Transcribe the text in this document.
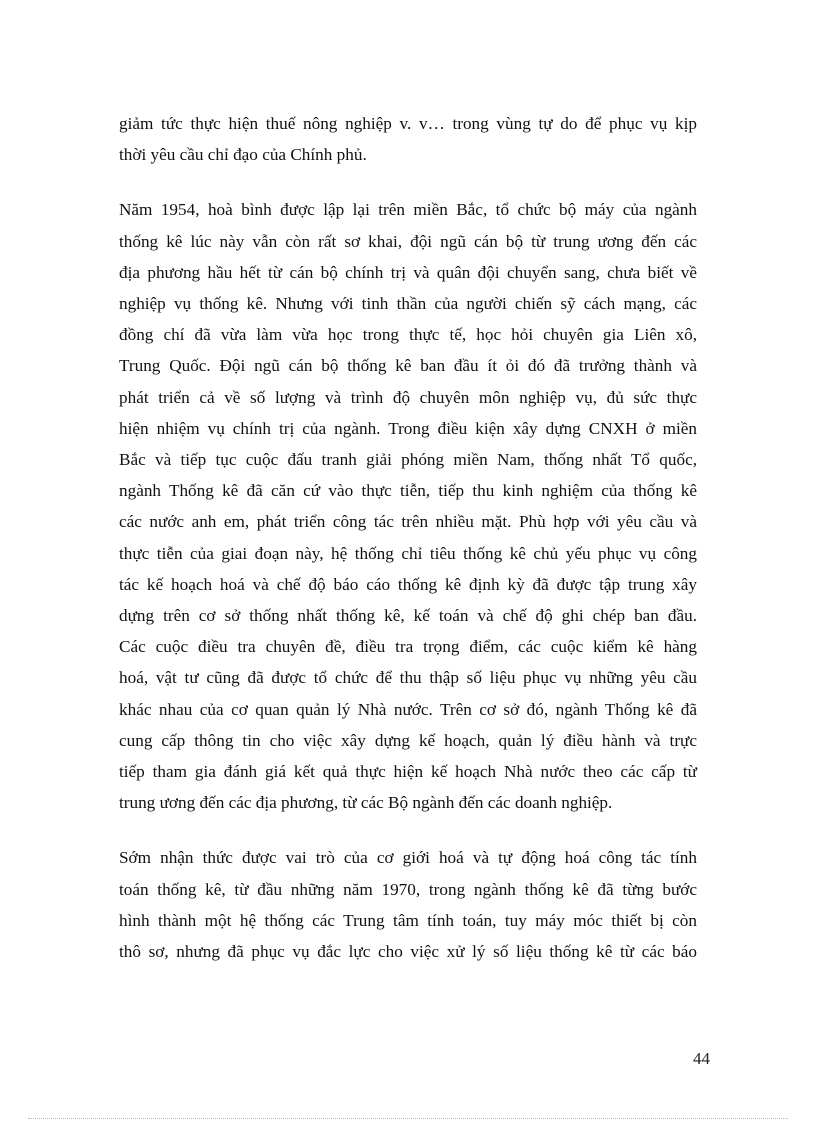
giảm tức thực hiện thuế nông nghiệp v. v… trong vùng tự do để phục vụ kịp
thời yêu cầu chỉ đạo của Chính phủ.

Năm 1954, hoà bình được lập lại trên miền Bắc, tổ chức bộ máy của ngành
thống kê lúc này vẫn còn rất sơ khai, đội ngũ cán bộ từ trung ương đến các
địa phương hầu hết từ cán bộ chính trị và quân đội chuyển sang, chưa biết về
nghiệp vụ thống kê. Nhưng với tinh thần của người chiến sỹ cách mạng, các
đồng chí đã vừa làm vừa học trong thực tế, học hỏi chuyên gia Liên xô,
Trung Quốc. Đội ngũ cán bộ thống kê ban đầu ít ỏi đó đã trưởng thành và
phát triển cả về số lượng và trình độ chuyên môn nghiệp vụ, đủ sức thực
hiện nhiệm vụ chính trị của ngành. Trong điều kiện xây dựng CNXH ở miền
Bắc và tiếp tục cuộc đấu tranh giải phóng miền Nam, thống nhất Tổ quốc,
ngành Thống kê đã căn cứ vào thực tiễn, tiếp thu kinh nghiệm của thống kê
các nước anh em, phát triển công tác trên nhiều mặt. Phù hợp với yêu cầu và
thực tiễn của giai đoạn này, hệ thống chỉ tiêu thống kê chủ yếu phục vụ công
tác kế hoạch hoá và chế độ báo cáo thống kê định kỳ đã được tập trung xây
dựng trên cơ sở thống nhất thống kê, kế toán và chế độ ghi chép ban đầu.
Các cuộc điều tra chuyên đề, điều tra trọng điểm, các cuộc kiểm kê hàng
hoá, vật tư cũng đã được tổ chức để thu thập số liệu phục vụ những yêu cầu
khác nhau của cơ quan quản lý Nhà nước. Trên cơ sở đó, ngành Thống kê đã
cung cấp thông tin cho việc xây dựng kế hoạch, quản lý điều hành và trực
tiếp tham gia đánh giá kết quả thực hiện kế hoạch Nhà nước theo các cấp từ
trung ương đến các địa phương, từ các Bộ ngành đến các doanh nghiệp.

Sớm nhận thức được vai trò của cơ giới hoá và tự động hoá công tác tính
toán thống kê, từ đầu những năm 1970, trong ngành thống kê đã từng bước
hình thành một hệ thống các Trung tâm tính toán, tuy máy móc thiết bị còn
thô sơ, nhưng đã phục vụ đắc lực cho việc xử lý số liệu thống kê từ các báo

44
